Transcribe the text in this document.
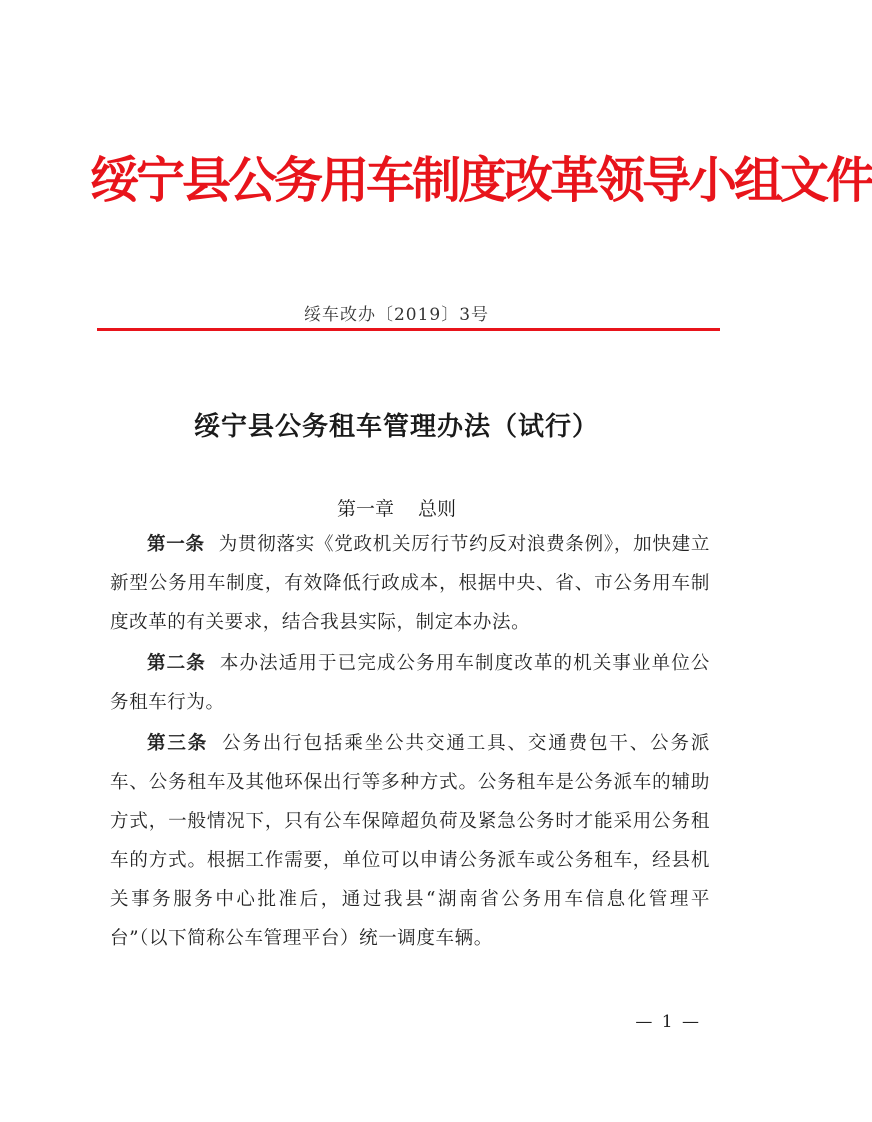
绥宁县公务用车制度改革领导小组文件
绥车改办〔2019〕3号
绥宁县公务租车管理办法（试行）
第一章 总则

第一条 为贯彻落实《党政机关厉行节约反对浪费条例》，加快建立新型公务用车制度，有效降低行政成本，根据中央、省、市公务用车制度改革的有关要求，结合我县实际，制定本办法。

第二条 本办法适用于已完成公务用车制度改革的机关事业单位公务租车行为。

第三条 公务出行包括乘坐公共交通工具、交通费包干、公务派车、公务租车及其他环保出行等多种方式。公务租车是公务派车的辅助方式，一般情况下，只有公车保障超负荷及紧急公务时才能采用公务租车的方式。根据工作需要，单位可以申请公务派车或公务租车，经县机关事务服务中心批准后，通过我县“湖南省公务用车信息化管理平台”（以下简称公车管理平台）统一调度车辆。

— 1 —
